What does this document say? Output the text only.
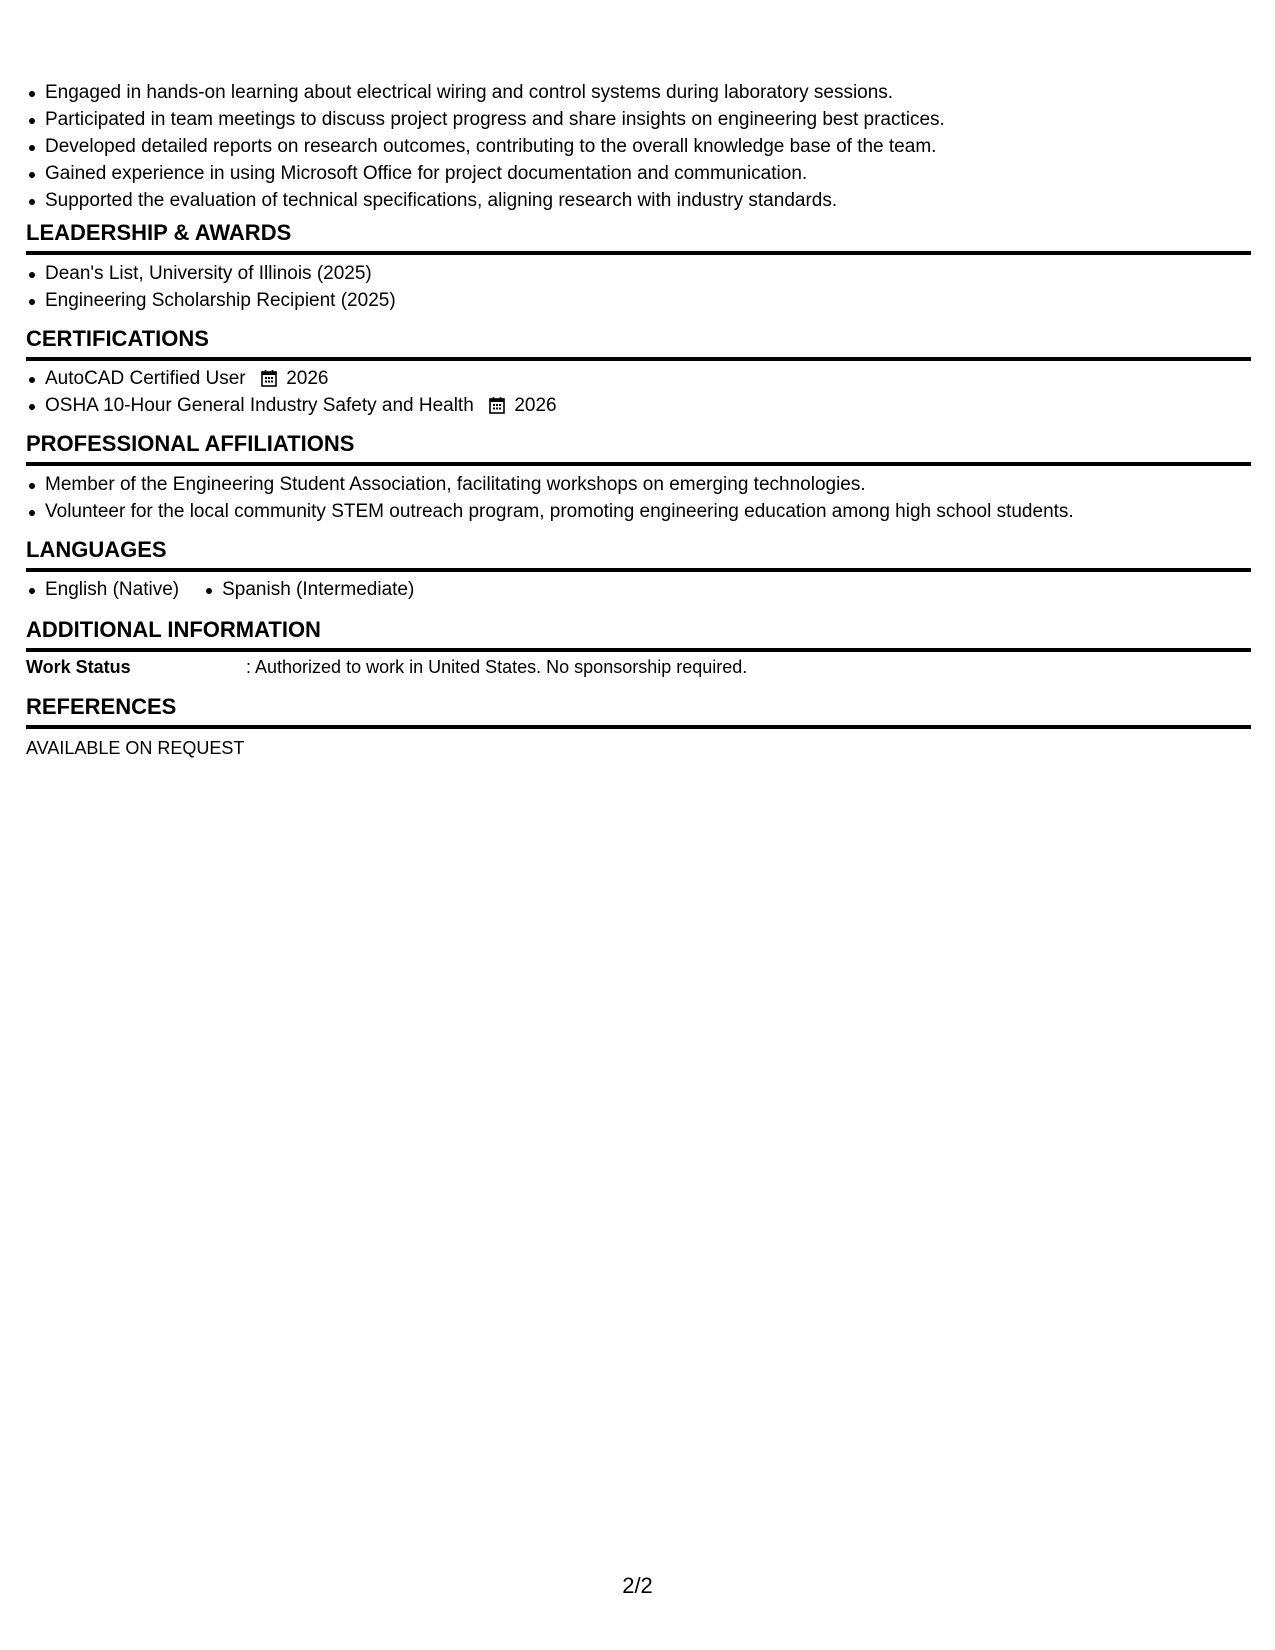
Engaged in hands-on learning about electrical wiring and control systems during laboratory sessions.
Participated in team meetings to discuss project progress and share insights on engineering best practices.
Developed detailed reports on research outcomes, contributing to the overall knowledge base of the team.
Gained experience in using Microsoft Office for project documentation and communication.
Supported the evaluation of technical specifications, aligning research with industry standards.
LEADERSHIP & AWARDS
Dean's List, University of Illinois (2025)
Engineering Scholarship Recipient (2025)
CERTIFICATIONS
AutoCAD Certified User 2026
OSHA 10-Hour General Industry Safety and Health 2026
PROFESSIONAL AFFILIATIONS
Member of the Engineering Student Association, facilitating workshops on emerging technologies.
Volunteer for the local community STEM outreach program, promoting engineering education among high school students.
LANGUAGES
English (Native)	Spanish (Intermediate)
ADDITIONAL INFORMATION
Work Status	: Authorized to work in United States. No sponsorship required.
REFERENCES
AVAILABLE ON REQUEST
2/2
